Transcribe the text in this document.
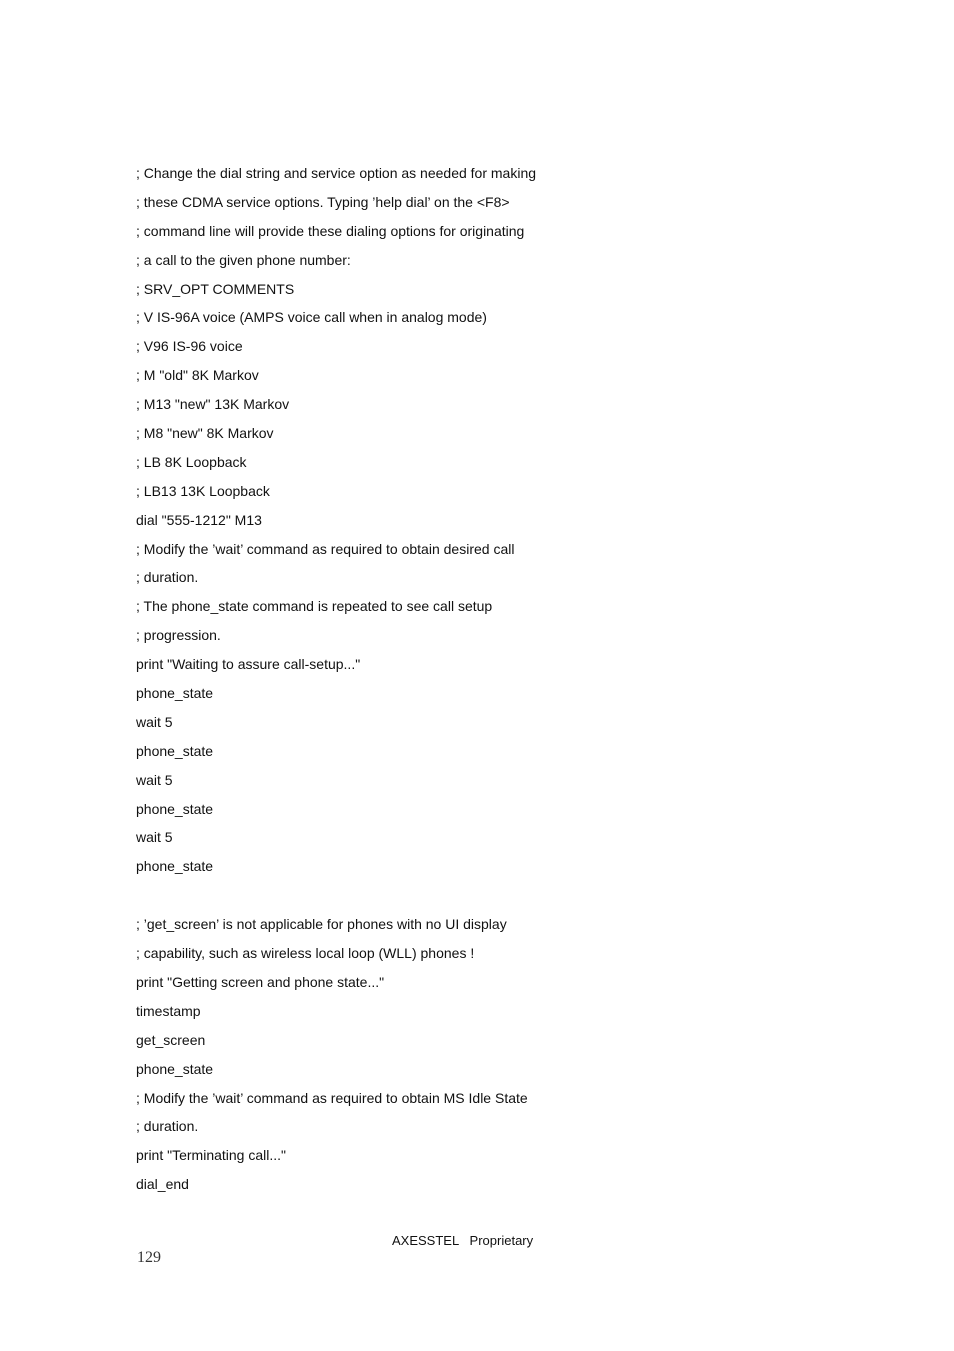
; Change the dial string and service option as needed for making
; these CDMA service options. Typing ’help dial’ on the <F8>
; command line will provide these dialing options for originating
; a call to the given phone number:
; SRV_OPT COMMENTS
; V IS-96A voice (AMPS voice call when in analog mode)
; V96 IS-96 voice
; M "old" 8K Markov
; M13 "new" 13K Markov
; M8 "new" 8K Markov
; LB 8K Loopback
; LB13 13K Loopback
dial "555-1212" M13
; Modify the ’wait’ command as required to obtain desired call
; duration.
; The phone_state command is repeated to see call setup
; progression.
print "Waiting to assure call-setup..."
phone_state
wait 5
phone_state
wait 5
phone_state
wait 5
phone_state
; ’get_screen’ is not applicable for phones with no UI display
; capability, such as wireless local loop (WLL) phones !
print "Getting screen and phone state..."
timestamp
get_screen
phone_state
; Modify the ’wait’ command as required to obtain MS Idle State
; duration.
print "Terminating call..."
dial_end
AXESSTEL   Proprietary
129
